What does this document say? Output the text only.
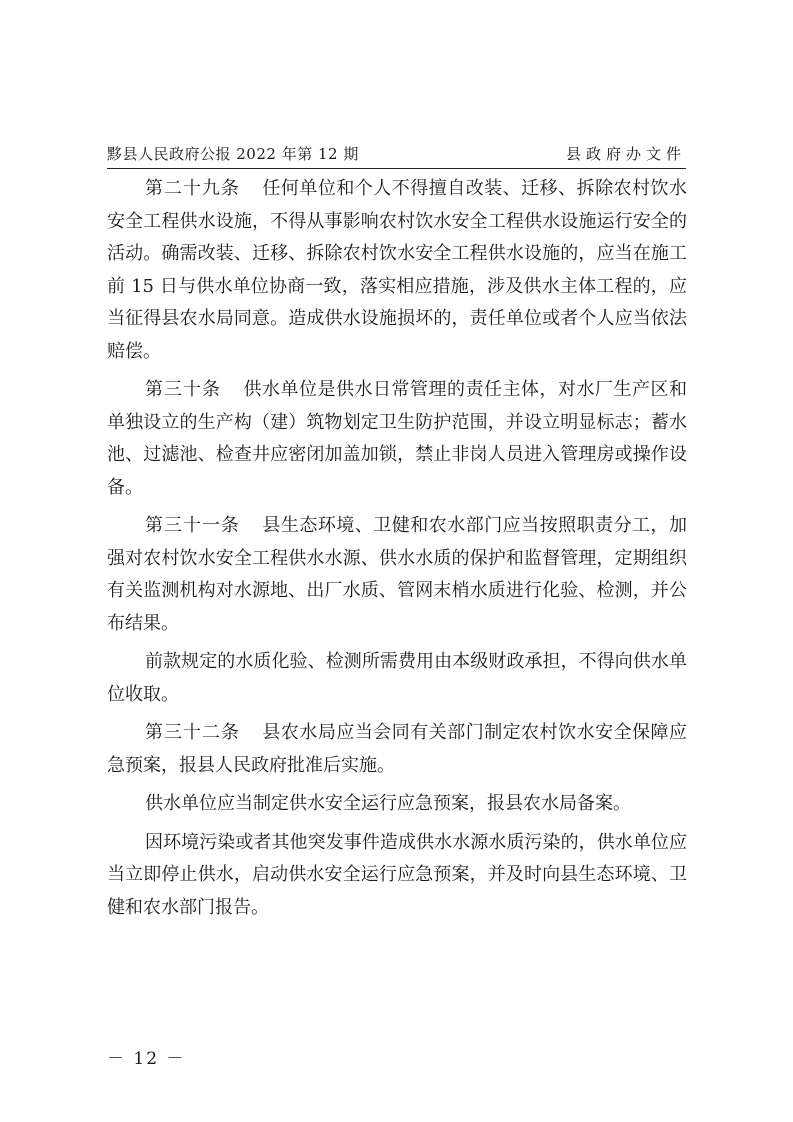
黟县人民政府公报 2022 年第 12 期	县政府办文件

第二十九条 任何单位和个人不得擅自改装、迁移、拆除农村饮水安全工程供水设施，不得从事影响农村饮水安全工程供水设施运行安全的活动。确需改装、迁移、拆除农村饮水安全工程供水设施的，应当在施工前 15 日与供水单位协商一致，落实相应措施，涉及供水主体工程的，应当征得县农水局同意。造成供水设施损坏的，责任单位或者个人应当依法赔偿。

第三十条 供水单位是供水日常管理的责任主体，对水厂生产区和单独设立的生产构（建）筑物划定卫生防护范围，并设立明显标志；蓄水池、过滤池、检查井应密闭加盖加锁，禁止非岗人员进入管理房或操作设备。

第三十一条 县生态环境、卫健和农水部门应当按照职责分工，加强对农村饮水安全工程供水水源、供水水质的保护和监督管理，定期组织有关监测机构对水源地、出厂水质、管网末梢水质进行化验、检测，并公布结果。

前款规定的水质化验、检测所需费用由本级财政承担，不得向供水单位收取。

第三十二条 县农水局应当会同有关部门制定农村饮水安全保障应急预案，报县人民政府批准后实施。

供水单位应当制定供水安全运行应急预案，报县农水局备案。

因环境污染或者其他突发事件造成供水水源水质污染的，供水单位应当立即停止供水，启动供水安全运行应急预案，并及时向县生态环境、卫健和农水部门报告。

－ 12 －
